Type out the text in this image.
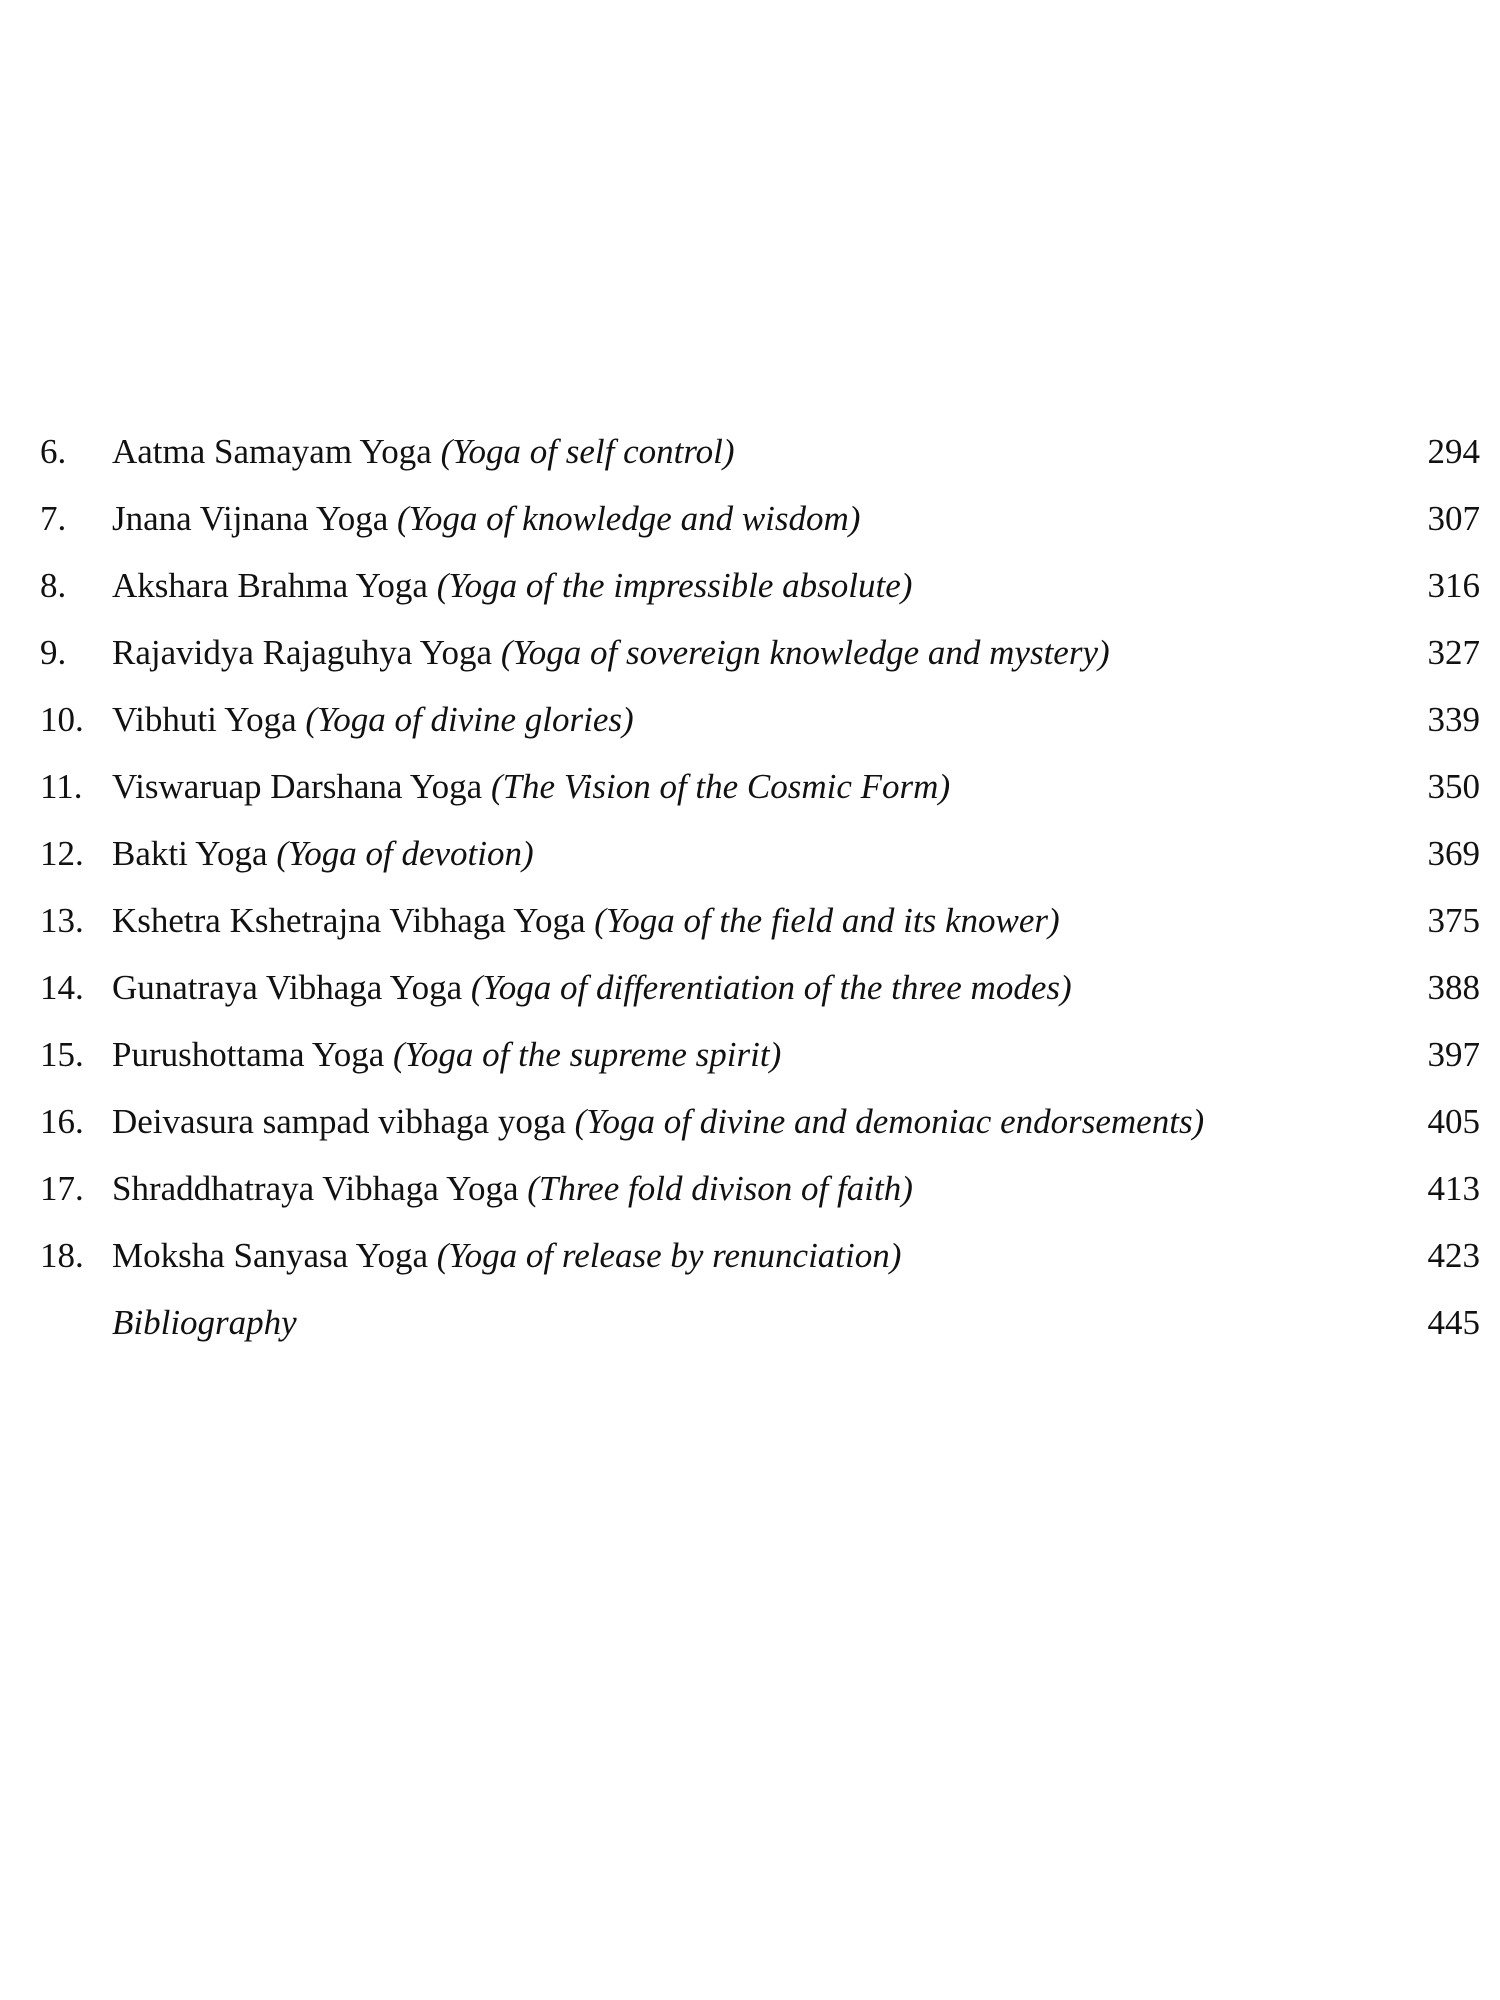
6.	Aatma Samayam Yoga (Yoga of self control)	294
7.	Jnana Vijnana Yoga (Yoga of knowledge and wisdom)	307
8.	Akshara Brahma Yoga (Yoga of the impressible absolute)	316
9.	Rajavidya Rajaguhya Yoga (Yoga of sovereign knowledge and mystery)	327
10. Vibhuti Yoga (Yoga of divine glories)	339
11. Viswaruap Darshana Yoga (The Vision of the Cosmic Form)	350
12. Bakti Yoga (Yoga of devotion)	369
13. Kshetra Kshetrajna Vibhaga Yoga (Yoga of the field and its knower)	375
14. Gunatraya Vibhaga Yoga (Yoga of differentiation of the three modes)	388
15. Purushottama Yoga (Yoga of the supreme spirit)	397
16. Deivasura sampad vibhaga yoga (Yoga of divine and demoniac endorsements)	405
17. Shraddhatraya Vibhaga Yoga (Three fold divison of faith)	413
18. Moksha Sanyasa Yoga (Yoga of release by renunciation)	423
Bibliography	445
